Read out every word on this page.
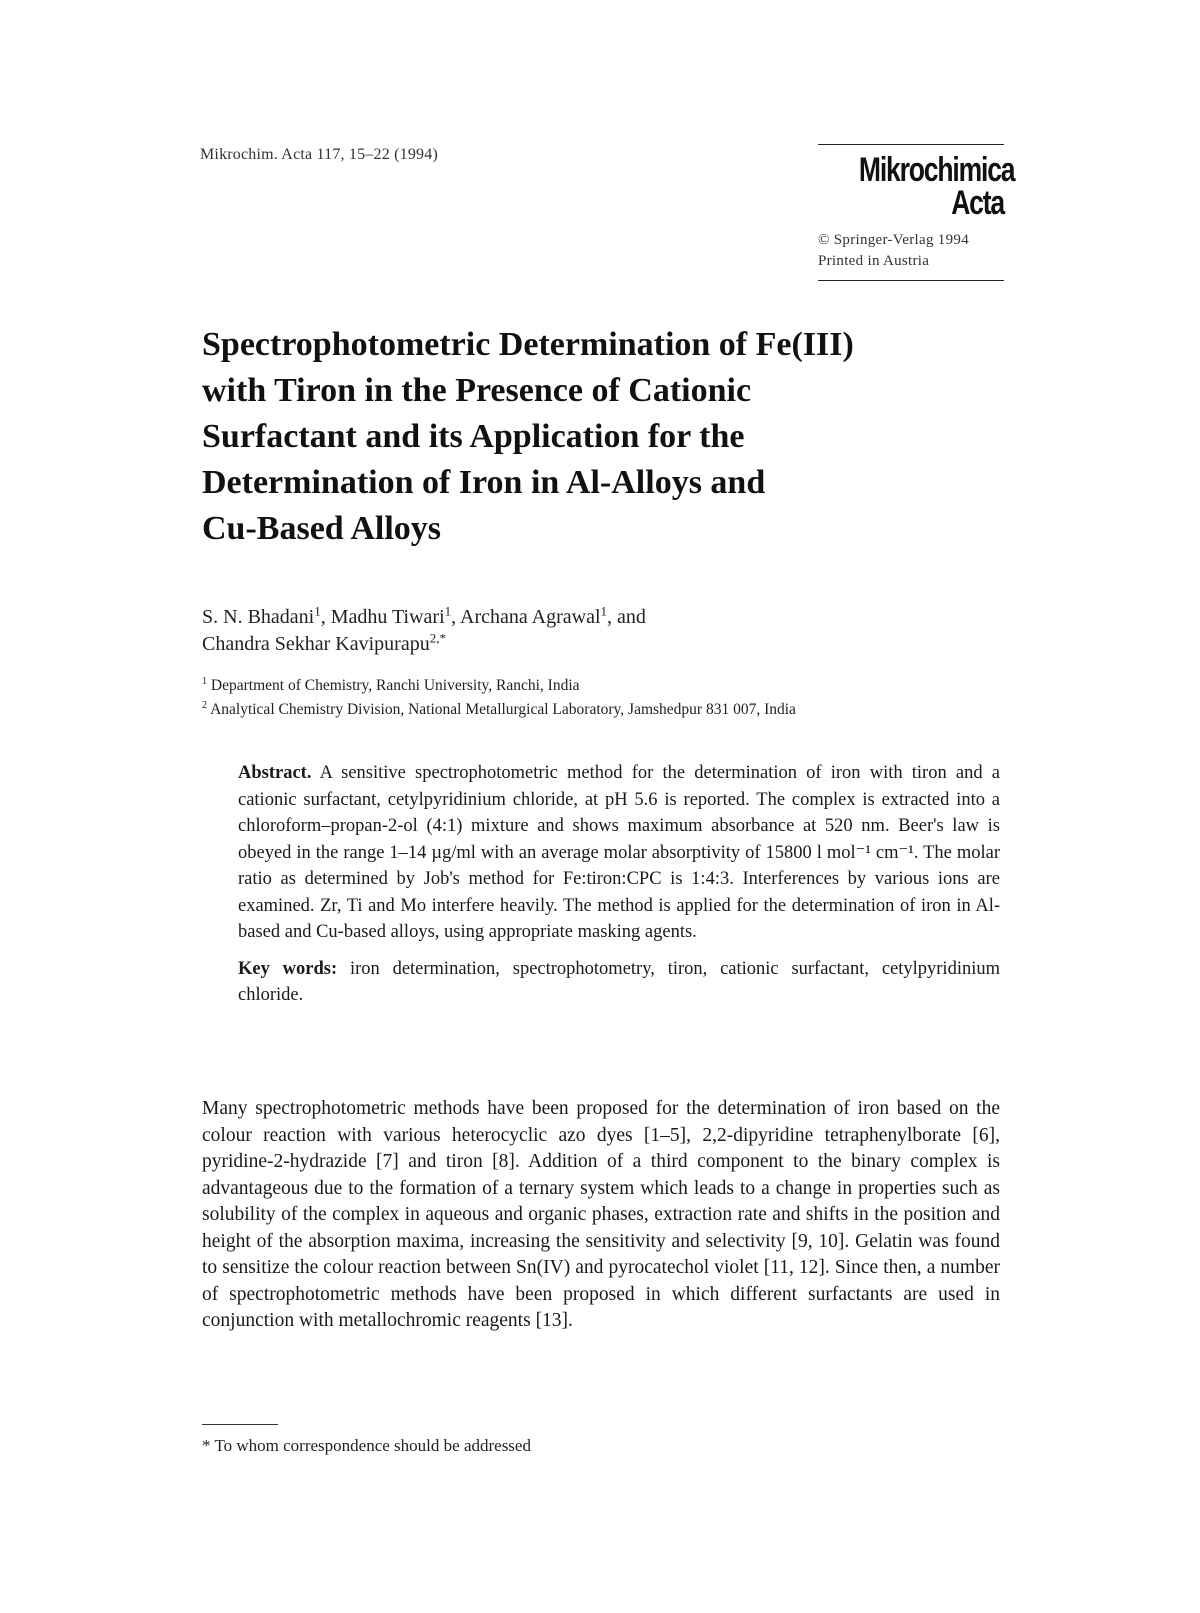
Mikrochim. Acta 117, 15–22 (1994)	Mikrochimica
Acta
© Springer-Verlag 1994
Printed in Austria
Spectrophotometric Determination of Fe(III)
with Tiron in the Presence of Cationic
Surfactant and its Application for the
Determination of Iron in Al-Alloys and
Cu-Based Alloys
S. N. Bhadani$^1$, Madhu Tiwari$^1$, Archana Agrawal$^1$, and
Chandra Sekhar Kavipurapu$^{2,*}$
$^1$ Department of Chemistry, Ranchi University, Ranchi, India
$^2$ Analytical Chemistry Division, National Metallurgical Laboratory, Jamshedpur 831 007, India

Abstract. A sensitive spectrophotometric method for the determination of iron with tiron and a cationic surfactant, cetylpyridinium chloride, at pH 5.6 is reported. The complex is extracted into a chloroform–propan-2-ol (4:1) mixture and shows maximum absorbance at 520 nm. Beer's law is obeyed in the range 1–14 µg/ml with an average molar absorptivity of 15800 l mol⁻¹ cm⁻¹. The molar ratio as determined by Job's method for Fe:tiron:CPC is 1:4:3. Interferences by various ions are examined. Zr, Ti and Mo interfere heavily. The method is applied for the determination of iron in Al-based and Cu-based alloys, using appropriate masking agents.

Key words: iron determination, spectrophotometry, tiron, cationic surfactant, cetylpyridinium chloride.

Many spectrophotometric methods have been proposed for the determination of iron based on the colour reaction with various heterocyclic azo dyes [1–5], 2,2-dipyridine tetraphenylborate [6], pyridine-2-hydrazide [7] and tiron [8]. Addition of a third component to the binary complex is advantageous due to the formation of a ternary system which leads to a change in properties such as solubility of the complex in aqueous and organic phases, extraction rate and shifts in the position and height of the absorption maxima, increasing the sensitivity and selectivity [9, 10]. Gelatin was found to sensitize the colour reaction between Sn(IV) and pyrocatechol violet [11, 12]. Since then, a number of spectrophotometric methods have been proposed in which different surfactants are used in conjunction with metallochromic reagents [13].

* To whom correspondence should be addressed
